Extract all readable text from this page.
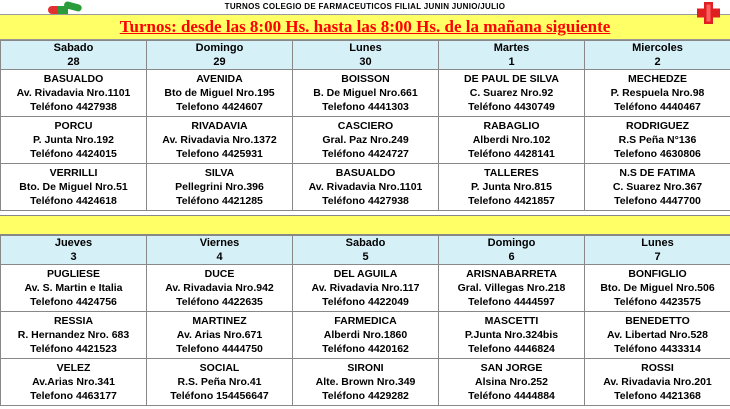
TURNOS COLEGIO DE FARMACEUTICOS FILIAL JUNIN JUNIO/JULIO
Turnos: desde las 8:00 Hs. hasta las 8:00 Hs. de la mañana siguiente
Sabado
28	Domingo
29	Lunes
30	Martes
1	Miercoles
2

BASUALDO
Av. Rivadavia Nro.1101
Teléfono 4427938	AVENIDA
Bto de Miguel Nro.195
Telefono 4424607	BOISSON
B. De Miguel Nro.661
Telefono 4441303	DE PAUL DE SILVA
C. Suarez Nro.92
Teléfono 4430749	MECHEDZE
P. Respuela Nro.98
Teléfono 4440467

PORCU
P. Junta Nro.192
Teléfono 4424015	RIVADAVIA
Av. Rivadavia Nro.1372
Telefono 4425931	CASCIERO
Gral. Paz Nro.249
Teléfono 4424727	RABAGLIO
Alberdi Nro.102
Teléfono 4428141	RODRIGUEZ
R.S Peña N°136
Telefono 4630806

VERRILLI
Bto. De Miguel Nro.51
Teléfono 4424618	SILVA
Pellegrini Nro.396
Teléfono 4421285	BASUALDO
Av. Rivadavia Nro.1101
Teléfono 4427938	TALLERES
P. Junta Nro.815
Telefono 4421857	N.S DE FATIMA
C. Suarez Nro.367
Telefono 4447700
Jueves
3	Viernes
4	Sabado
5	Domingo
6	Lunes
7

PUGLIESE
Av. S. Martin e Italia
Telefono 4424756	DUCE
Av. Rivadavia Nro.942
Teléfono 4422635	DEL AGUILA
Av. Rivadavia Nro.117
Teléfono 4422049	ARISNABARRETA
Gral. Villegas Nro.218
Telefono 4444597	BONFIGLIO
Bto. De Miguel Nro.506
Teléfono 4423575

RESSIA
R. Hernandez Nro. 683
Teléfono 4421523	MARTINEZ
Av. Arias Nro.671
Telefono 4444750	FARMEDICA
Alberdi Nro.1860
Teléfono 4420162	MASCETTI
P.Junta Nro.324bis
Telefono 4446824	BENEDETTO
Av. Libertad Nro.528
Teléfono 4433314

VELEZ
Av.Arias Nro.341
Telefono 4463177	SOCIAL
R.S. Peña Nro.41
Teléfono 154456647	SIRONI
Alte. Brown Nro.349
Teléfono 4429282	SAN JORGE
Alsina Nro.252
Teléfono 4444884	ROSSI
Av. Rivadavia Nro.201
Telefono 4421368
